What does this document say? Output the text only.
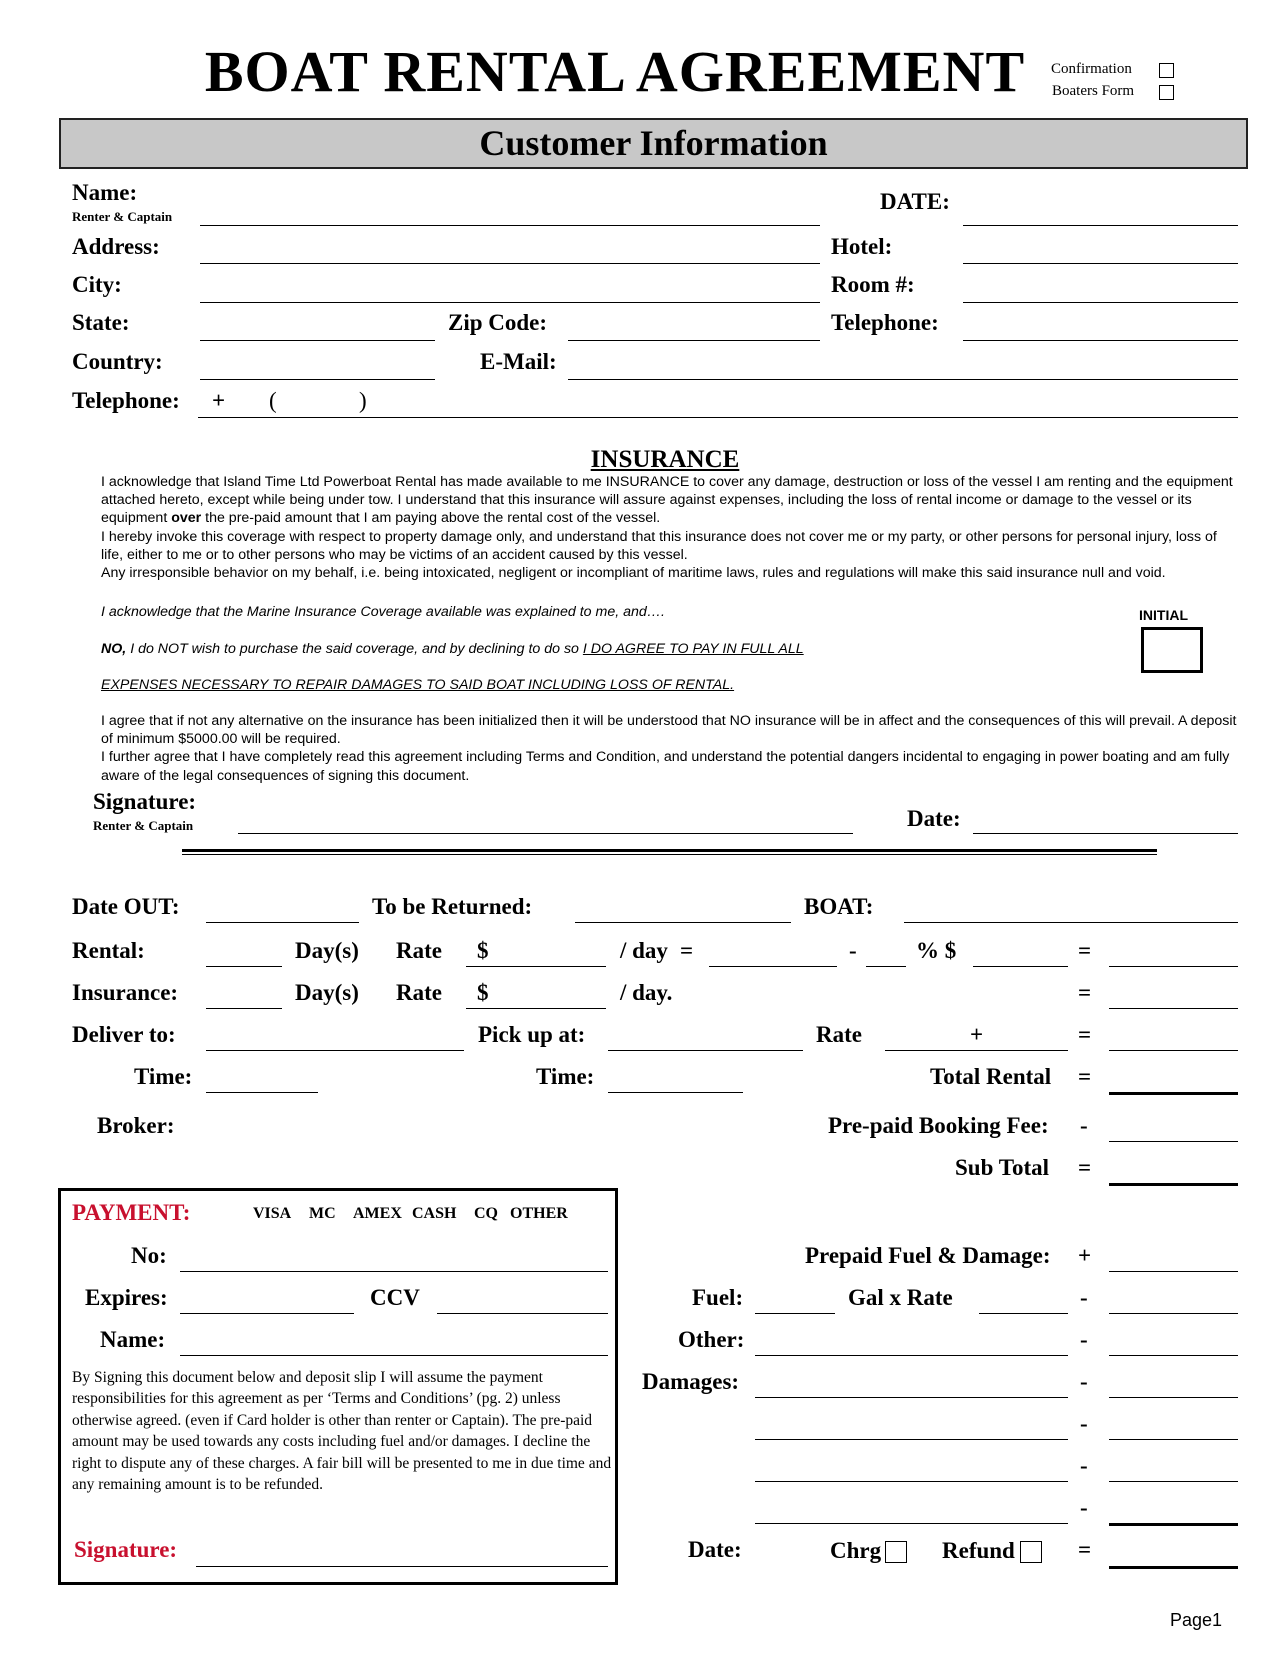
BOAT RENTAL AGREEMENT	Confirmation
Boaters Form
Customer Information
Name:
Renter & Captain
DATE:
Address:	Hotel:
City:	Room #:
State:	Zip Code:	Telephone:
Country:	E-Mail:
Telephone: + (	)
INSURANCE

I acknowledge that Island Time Ltd Powerboat Rental has made available to me INSURANCE to cover any damage, destruction or loss of the vessel I am renting and the equipment attached hereto, except while being under tow. I understand that this insurance will assure against expenses, including the loss of rental income or damage to the vessel or its equipment over the pre-paid amount that I am paying above the rental cost of the vessel.

I hereby invoke this coverage with respect to property damage only, and understand that this insurance does not cover me or my party, or other persons for personal injury, loss of life, either to me or to other persons who may be victims of an accident caused by this vessel.

Any irresponsible behavior on my behalf, i.e. being intoxicated, negligent or incompliant of maritime laws, rules and regulations will make this said insurance null and void.

I acknowledge that the Marine Insurance Coverage available was explained to me, and….	INITIAL
NO, I do NOT wish to purchase the said coverage, and by declining to do so I DO AGREE TO PAY IN FULL ALL
EXPENSES NECESSARY TO REPAIR DAMAGES TO SAID BOAT INCLUDING LOSS OF RENTAL.

I agree that if not any alternative on the insurance has been initialized then it will be understood that NO insurance will be in affect and the consequences of this will prevail. A deposit of minimum $5000.00 will be required.

I further agree that I have completely read this agreement including Terms and Condition, and understand the potential dangers incidental to engaging in power boating and am fully aware of the legal consequences of signing this document.

Signature:
Renter & Captain	Date:
Date OUT:	To be Returned:	BOAT:
Rental:	Day(s) Rate $	/ day =	-	% $	=
Insurance:	Day(s) Rate $	/ day.	=
Deliver to:	Pick up at:	Rate	+	=
Time:	Time:	Total Rental =
Broker:	Pre-paid Booking Fee: -
Sub Total =
PAYMENT:	VISA MC AMEX CASH CQ OTHER
No:
Expires:	CCV
Name:
By Signing this document below and deposit slip I will assume the payment responsibilities for this agreement as per ‘Terms and Conditions’ (pg. 2) unless otherwise agreed. (even if Card holder is other than renter or Captain). The pre-paid amount may be used towards any costs including fuel and/or damages. I decline the right to dispute any of these charges. A fair bill will be presented to me in due time and any remaining amount is to be refunded.
Signature:
Prepaid Fuel & Damage: +
Fuel:	Gal x Rate	-
Other:	-
Damages:	-
-
-
-
Date:	Chrg	Refund	=
Page1
